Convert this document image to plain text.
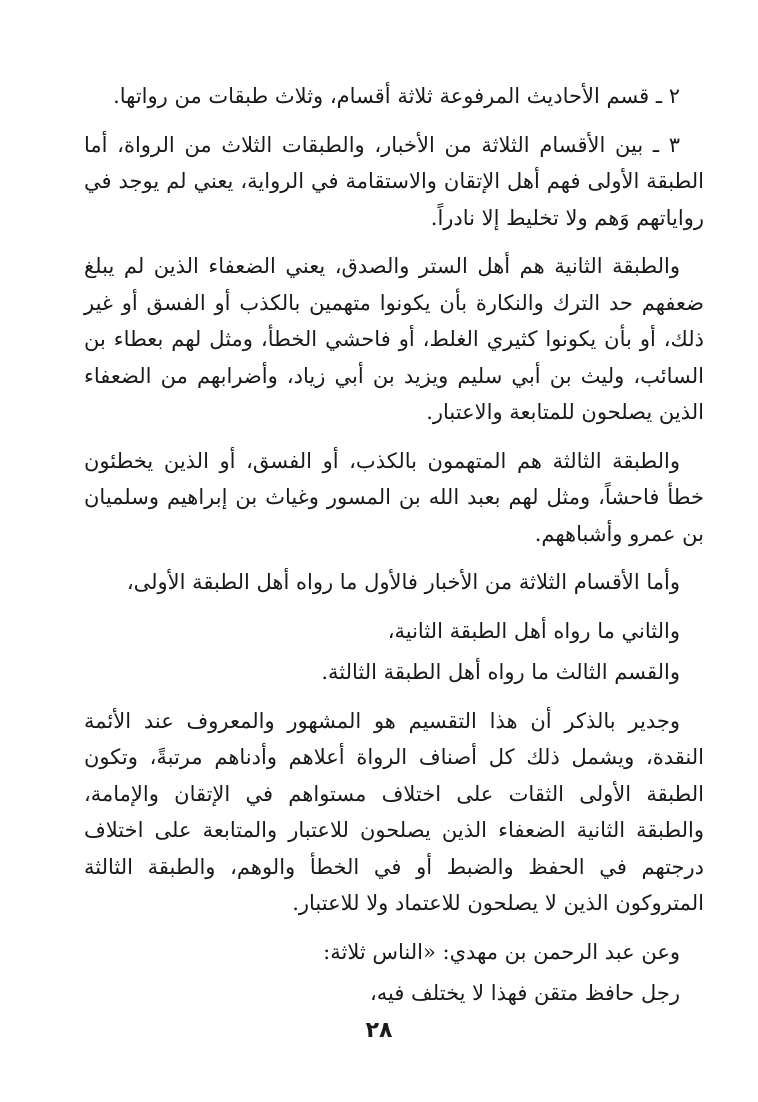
٢ ـ قسم الأحاديث المرفوعة ثلاثة أقسام، وثلاث طبقات من رواتها.

٣ ـ بين الأقسام الثلاثة من الأخبار، والطبقات الثلاث من الرواة، أما الطبقة الأولى فهم أهل الإتقان والاستقامة في الرواية، يعني لم يوجد في رواياتهم وَهم ولا تخليط إلا نادراً.

والطبقة الثانية هم أهل الستر والصدق، يعني الضعفاء الذين لم يبلغ ضعفهم حد الترك والنكارة بأن يكونوا متهمين بالكذب أو الفسق أو غير ذلك، أو بأن يكونوا كثيري الغلط، أو فاحشي الخطأ، ومثل لهم بعطاء بن السائب، وليث بن أبي سليم ويزيد بن أبي زياد، وأضرابهم من الضعفاء الذين يصلحون للمتابعة والاعتبار.

والطبقة الثالثة هم المتهمون بالكذب، أو الفسق، أو الذين يخطئون خطأ فاحشاً، ومثل لهم بعبد الله بن المسور وغياث بن إبراهيم وسلميان بن عمرو وأشباههم.

وأما الأقسام الثلاثة من الأخبار فالأول ما رواه أهل الطبقة الأولى،

والثاني ما رواه أهل الطبقة الثانية،

والقسم الثالث ما رواه أهل الطبقة الثالثة.

وجدير بالذكر أن هذا التقسيم هو المشهور والمعروف عند الأئمة النقدة، ويشمل ذلك كل أصناف الرواة أعلاهم وأدناهم مرتبةً، وتكون الطبقة الأولى الثقات على اختلاف مستواهم في الإتقان والإمامة، والطبقة الثانية الضعفاء الذين يصلحون للاعتبار والمتابعة على اختلاف درجتهم في الحفظ والضبط أو في الخطأ والوهم، والطبقة الثالثة المتروكون الذين لا يصلحون للاعتماد ولا للاعتبار.

وعن عبد الرحمن بن مهدي: «الناس ثلاثة:

رجل حافظ متقن فهذا لا يختلف فيه،

٢٨
